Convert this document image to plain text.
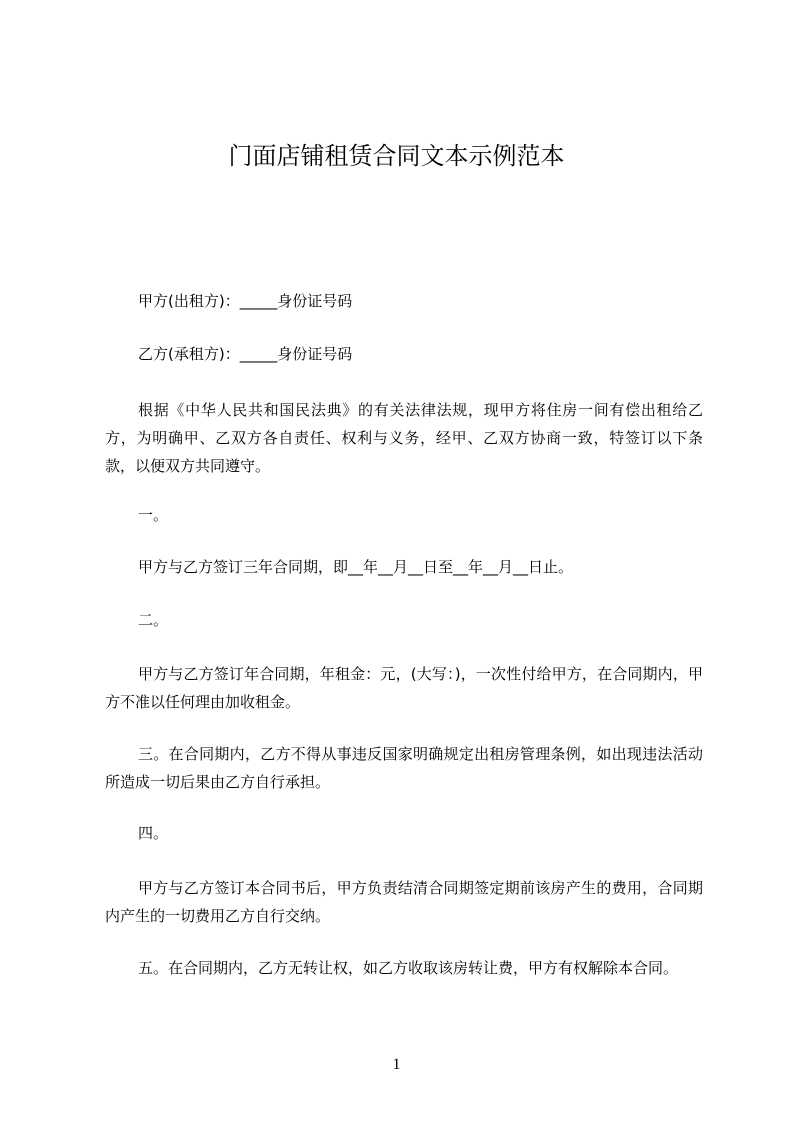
门面店铺租赁合同文本示例范本
甲方(出租方)：_____身份证号码
乙方(承租方)：_____身份证号码
根据《中华人民共和国民法典》的有关法律法规，现甲方将住房一间有偿出租给乙方，为明确甲、乙双方各自责任、权利与义务，经甲、乙双方协商一致，特签订以下条款，以便双方共同遵守。
一。
甲方与乙方签订三年合同期，即__年__月__日至__年__月__日止。
二。
甲方与乙方签订年合同期，年租金：元，(大写：)，一次性付给甲方，在合同期内，甲方不准以任何理由加收租金。
三。在合同期内，乙方不得从事违反国家明确规定出租房管理条例，如出现违法活动所造成一切后果由乙方自行承担。
四。
甲方与乙方签订本合同书后，甲方负责结清合同期签定期前该房产生的费用，合同期内产生的一切费用乙方自行交纳。
五。在合同期内，乙方无转让权，如乙方收取该房转让费，甲方有权解除本合同。
1
